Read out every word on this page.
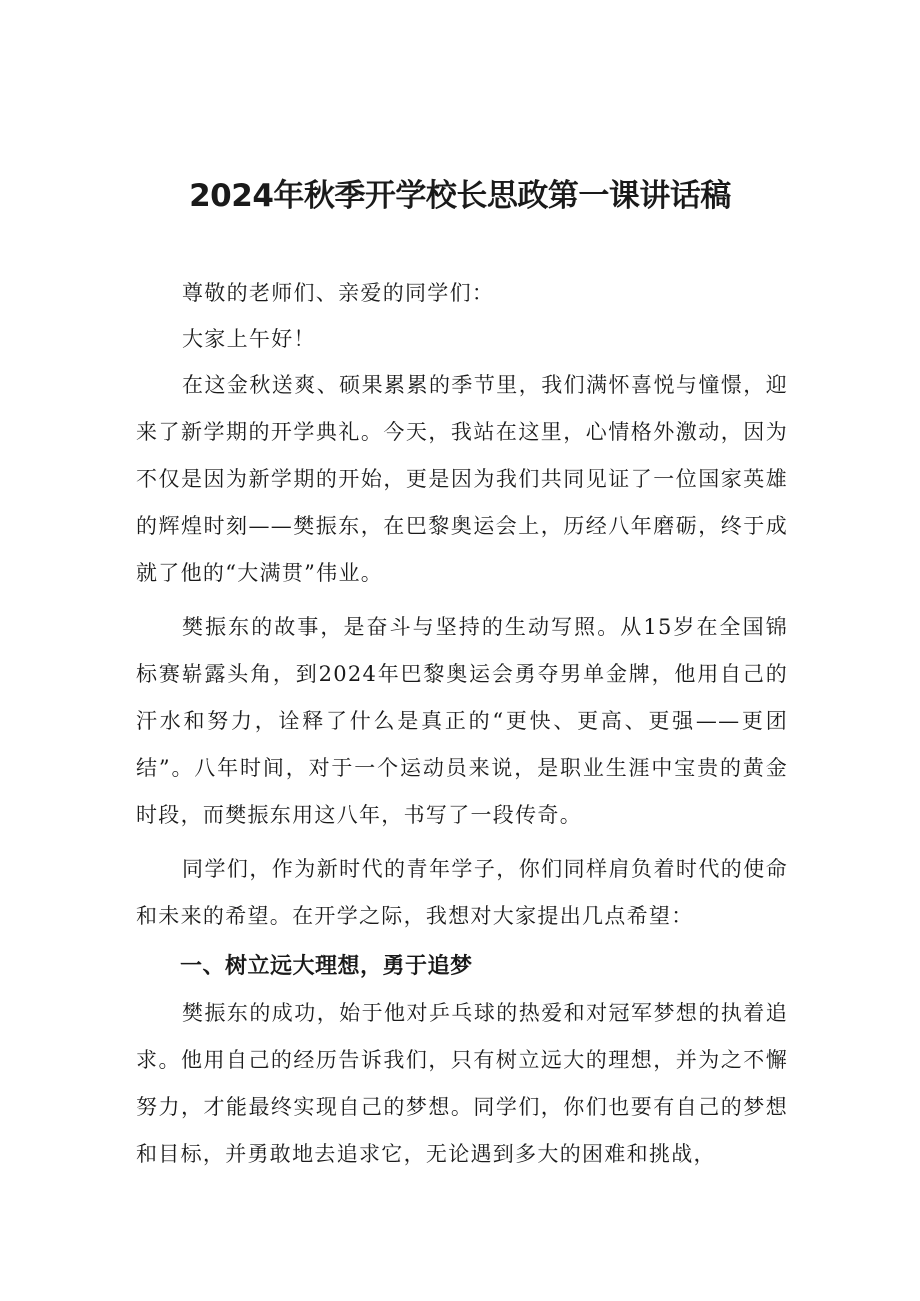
2024年秋季开学校长思政第一课讲话稿

尊敬的老师们、亲爱的同学们：

大家上午好！

在这金秋送爽、硕果累累的季节里，我们满怀喜悦与憧憬，迎来了新学期的开学典礼。今天，我站在这里，心情格外激动，因为不仅是因为新学期的开始，更是因为我们共同见证了一位国家英雄的辉煌时刻——樊振东，在巴黎奥运会上，历经八年磨砺，终于成就了他的“大满贯”伟业。

樊振东的故事，是奋斗与坚持的生动写照。从15岁在全国锦标赛崭露头角，到2024年巴黎奥运会勇夺男单金牌，他用自己的汗水和努力，诠释了什么是真正的“更快、更高、更强——更团结”。八年时间，对于一个运动员来说，是职业生涯中宝贵的黄金时段，而樊振东用这八年，书写了一段传奇。

同学们，作为新时代的青年学子，你们同样肩负着时代的使命和未来的希望。在开学之际，我想对大家提出几点希望：

一、树立远大理想，勇于追梦

樊振东的成功，始于他对乒乓球的热爱和对冠军梦想的执着追求。他用自己的经历告诉我们，只有树立远大的理想，并为之不懈努力，才能最终实现自己的梦想。同学们，你们也要有自己的梦想和目标，并勇敢地去追求它，无论遇到多大的困难和挑战，
